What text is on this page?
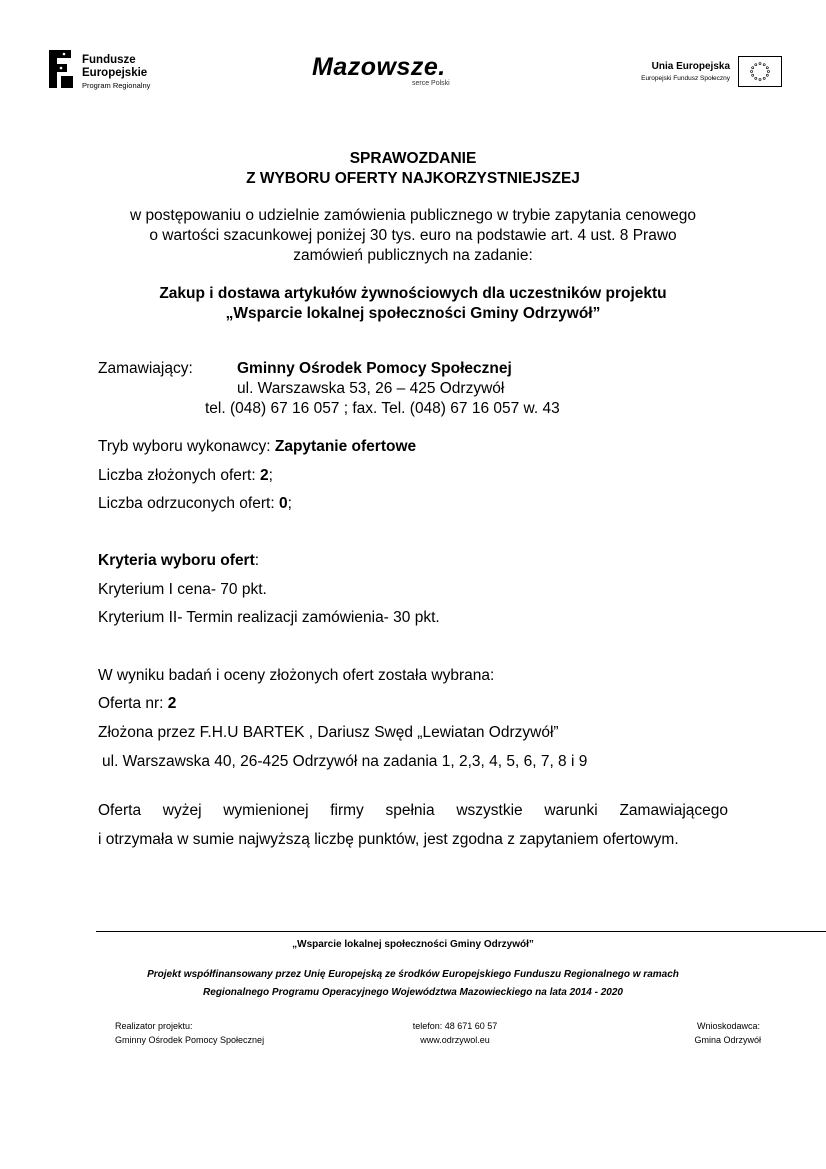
Fundusze
Europejskie
Program Regionalny
Mazowsze.
serce Polski
Unia Europejska
Europejski Fundusz Społeczny
SPRAWOZDANIE
Z WYBORU OFERTY NAJKORZYSTNIEJSZEJ
w postępowaniu o udzielnie zamówienia publicznego w trybie zapytania cenowego
o wartości szacunkowej poniżej 30 tys. euro na podstawie art. 4 ust. 8 Prawo
zamówień publicznych na zadanie:
Zakup i dostawa artykułów żywnościowych dla uczestników projektu
„Wsparcie lokalnej społeczności Gminy Odrzywół”
Zamawiający:	Gminny Ośrodek Pomocy Społecznej
ul. Warszawska 53, 26 – 425 Odrzywół
tel. (048) 67 16 057 ; fax. Tel. (048) 67 16 057 w. 43
Tryb wyboru wykonawcy: Zapytanie ofertowe
Liczba złożonych ofert: 2;
Liczba odrzuconych ofert: 0;
Kryteria wyboru ofert:
Kryterium I cena- 70 pkt.
Kryterium II- Termin realizacji zamówienia- 30 pkt.
W wyniku badań i oceny złożonych ofert została wybrana:
Oferta nr: 2
Złożona przez F.H.U BARTEK , Dariusz Swęd „Lewiatan Odrzywół”
ul. Warszawska 40, 26-425 Odrzywół na zadania 1, 2,3, 4, 5, 6, 7, 8 i 9
Oferta wyżej wymienionej firmy spełnia wszystkie warunki Zamawiającego
i otrzymała w sumie najwyższą liczbę punktów, jest zgodna z zapytaniem ofertowym.
„Wsparcie lokalnej społeczności Gminy Odrzywół”
Projekt współfinansowany przez Unię Europejską ze środków Europejskiego Funduszu Regionalnego w ramach
Regionalnego Programu Operacyjnego Województwa Mazowieckiego na lata 2014 - 2020
Realizator projektu:
Gminny Ośrodek Pomocy Społecznej
telefon: 48 671 60 57
www.odrzywol.eu
Wnioskodawca:
Gmina Odrzywół
